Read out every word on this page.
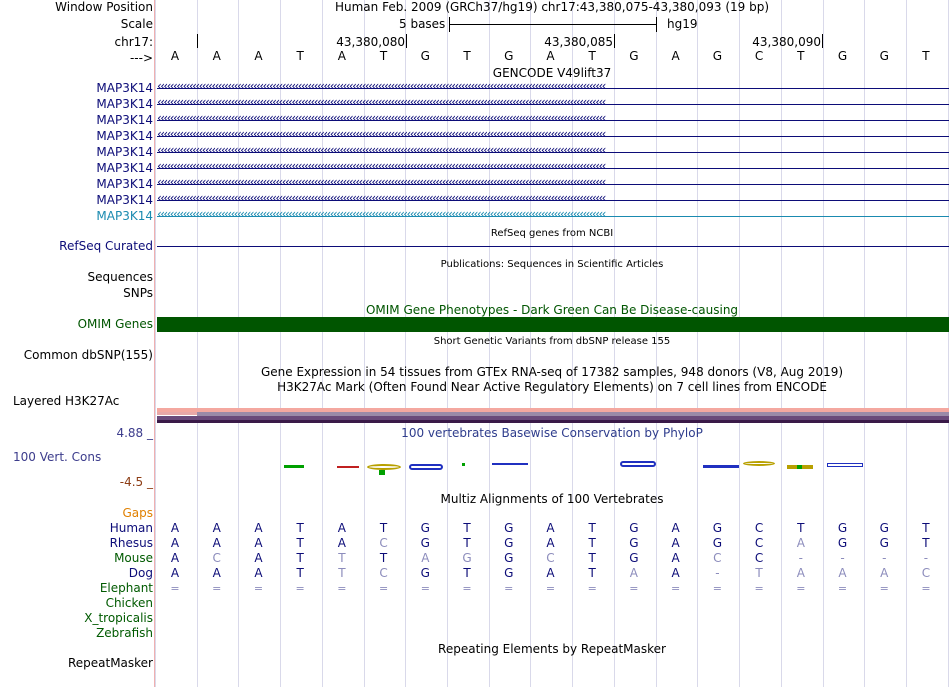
Window Position	Human Feb. 2009 (GRCh37/hg19) chr17:43,380,075-43,380,093 (19 bp)
Scale	5 bases	hg19
chr17:	43,380,080	43,380,085	43,380,090
--->	A	A	A	T	A	T	G	T	G	A	T	G	A	G	C	T	G	G	T
GENCODE V49lift37
MAP3K14 ‹‹‹‹‹‹‹‹‹‹‹‹‹‹‹‹‹‹‹‹‹‹‹‹‹‹‹‹‹‹‹‹‹‹‹‹‹‹‹‹‹‹‹‹‹‹‹‹‹‹‹‹‹‹‹‹‹‹‹‹‹‹‹‹‹‹‹‹‹‹‹‹‹‹‹‹‹‹‹‹‹‹‹‹‹‹‹‹‹‹‹‹‹‹‹‹‹‹‹‹‹‹‹‹‹‹‹‹‹‹‹‹‹‹‹‹‹‹‹‹‹‹‹‹‹‹‹‹‹‹‹‹‹‹‹‹‹‹‹‹
MAP3K14 ‹‹‹‹‹‹‹‹‹‹‹‹‹‹‹‹‹‹‹‹‹‹‹‹‹‹‹‹‹‹‹‹‹‹‹‹‹‹‹‹‹‹‹‹‹‹‹‹‹‹‹‹‹‹‹‹‹‹‹‹‹‹‹‹‹‹‹‹‹‹‹‹‹‹‹‹‹‹‹‹‹‹‹‹‹‹‹‹‹‹‹‹‹‹‹‹‹‹‹‹‹‹‹‹‹‹‹‹‹‹‹‹‹‹‹‹‹‹‹‹‹‹‹‹‹‹‹‹‹‹‹‹‹‹‹‹‹‹‹‹
MAP3K14 ‹‹‹‹‹‹‹‹‹‹‹‹‹‹‹‹‹‹‹‹‹‹‹‹‹‹‹‹‹‹‹‹‹‹‹‹‹‹‹‹‹‹‹‹‹‹‹‹‹‹‹‹‹‹‹‹‹‹‹‹‹‹‹‹‹‹‹‹‹‹‹‹‹‹‹‹‹‹‹‹‹‹‹‹‹‹‹‹‹‹‹‹‹‹‹‹‹‹‹‹‹‹‹‹‹‹‹‹‹‹‹‹‹‹‹‹‹‹‹‹‹‹‹‹‹‹‹‹‹‹‹‹‹‹‹‹‹‹‹‹
MAP3K14 ‹‹‹‹‹‹‹‹‹‹‹‹‹‹‹‹‹‹‹‹‹‹‹‹‹‹‹‹‹‹‹‹‹‹‹‹‹‹‹‹‹‹‹‹‹‹‹‹‹‹‹‹‹‹‹‹‹‹‹‹‹‹‹‹‹‹‹‹‹‹‹‹‹‹‹‹‹‹‹‹‹‹‹‹‹‹‹‹‹‹‹‹‹‹‹‹‹‹‹‹‹‹‹‹‹‹‹‹‹‹‹‹‹‹‹‹‹‹‹‹‹‹‹‹‹‹‹‹‹‹‹‹‹‹‹‹‹‹‹‹
MAP3K14 ‹‹‹‹‹‹‹‹‹‹‹‹‹‹‹‹‹‹‹‹‹‹‹‹‹‹‹‹‹‹‹‹‹‹‹‹‹‹‹‹‹‹‹‹‹‹‹‹‹‹‹‹‹‹‹‹‹‹‹‹‹‹‹‹‹‹‹‹‹‹‹‹‹‹‹‹‹‹‹‹‹‹‹‹‹‹‹‹‹‹‹‹‹‹‹‹‹‹‹‹‹‹‹‹‹‹‹‹‹‹‹‹‹‹‹‹‹‹‹‹‹‹‹‹‹‹‹‹‹‹‹‹‹‹‹‹‹‹‹‹
MAP3K14 ‹‹‹‹‹‹‹‹‹‹‹‹‹‹‹‹‹‹‹‹‹‹‹‹‹‹‹‹‹‹‹‹‹‹‹‹‹‹‹‹‹‹‹‹‹‹‹‹‹‹‹‹‹‹‹‹‹‹‹‹‹‹‹‹‹‹‹‹‹‹‹‹‹‹‹‹‹‹‹‹‹‹‹‹‹‹‹‹‹‹‹‹‹‹‹‹‹‹‹‹‹‹‹‹‹‹‹‹‹‹‹‹‹‹‹‹‹‹‹‹‹‹‹‹‹‹‹‹‹‹‹‹‹‹‹‹‹‹‹‹
MAP3K14 ‹‹‹‹‹‹‹‹‹‹‹‹‹‹‹‹‹‹‹‹‹‹‹‹‹‹‹‹‹‹‹‹‹‹‹‹‹‹‹‹‹‹‹‹‹‹‹‹‹‹‹‹‹‹‹‹‹‹‹‹‹‹‹‹‹‹‹‹‹‹‹‹‹‹‹‹‹‹‹‹‹‹‹‹‹‹‹‹‹‹‹‹‹‹‹‹‹‹‹‹‹‹‹‹‹‹‹‹‹‹‹‹‹‹‹‹‹‹‹‹‹‹‹‹‹‹‹‹‹‹‹‹‹‹‹‹‹‹‹‹
MAP3K14 ‹‹‹‹‹‹‹‹‹‹‹‹‹‹‹‹‹‹‹‹‹‹‹‹‹‹‹‹‹‹‹‹‹‹‹‹‹‹‹‹‹‹‹‹‹‹‹‹‹‹‹‹‹‹‹‹‹‹‹‹‹‹‹‹‹‹‹‹‹‹‹‹‹‹‹‹‹‹‹‹‹‹‹‹‹‹‹‹‹‹‹‹‹‹‹‹‹‹‹‹‹‹‹‹‹‹‹‹‹‹‹‹‹‹‹‹‹‹‹‹‹‹‹‹‹‹‹‹‹‹‹‹‹‹‹‹‹‹‹‹
MAP3K14 ‹‹‹‹‹‹‹‹‹‹‹‹‹‹‹‹‹‹‹‹‹‹‹‹‹‹‹‹‹‹‹‹‹‹‹‹‹‹‹‹‹‹‹‹‹‹‹‹‹‹‹‹‹‹‹‹‹‹‹‹‹‹‹‹‹‹‹‹‹‹‹‹‹‹‹‹‹‹‹‹‹‹‹‹‹‹‹‹‹‹‹‹‹‹‹‹‹‹‹‹‹‹‹‹‹‹‹‹‹‹‹‹‹‹‹‹‹‹‹‹‹‹‹‹‹‹‹‹‹‹‹‹‹‹‹‹‹‹‹‹
RefSeq genes from NCBI
RefSeq Curated
Publications: Sequences in Scientific Articles
Sequences
SNPs
OMIM Gene Phenotypes - Dark Green Can Be Disease-causing
OMIM Genes
Short Genetic Variants from dbSNP release 155
Common dbSNP(155)
Gene Expression in 54 tissues from GTEx RNA-seq of 17382 samples, 948 donors (V8, Aug 2019)
H3K27Ac Mark (Often Found Near Active Regulatory Elements) on 7 cell lines from ENCODE
Layered H3K27Ac
4.88 _	100 vertebrates Basewise Conservation by PhyloP
100 Vert. Cons
-4.5 _
Multiz Alignments of 100 Vertebrates
Gaps
Human	A	A	A	T	A	T	G	T	G	A	T	G	A	G	C	T	G	G	T
Rhesus	A	A	A	T	A	C	G	T	G	A	T	G	A	G	C	A	G	G	T
Mouse	A	C	A	T	T	T	A	G	G	C	T	G	A	C	C	-	-	-	-
Dog	A	A	A	T	T	C	G	T	G	A	T	A	A	-	T	A	A	A	C
Elephant	=	=	=	=	=	=	=	=	=	=	=	=	=	=	=	=	=	=	=
Chicken
X_tropicalis
Zebrafish
Repeating Elements by RepeatMasker
RepeatMasker
